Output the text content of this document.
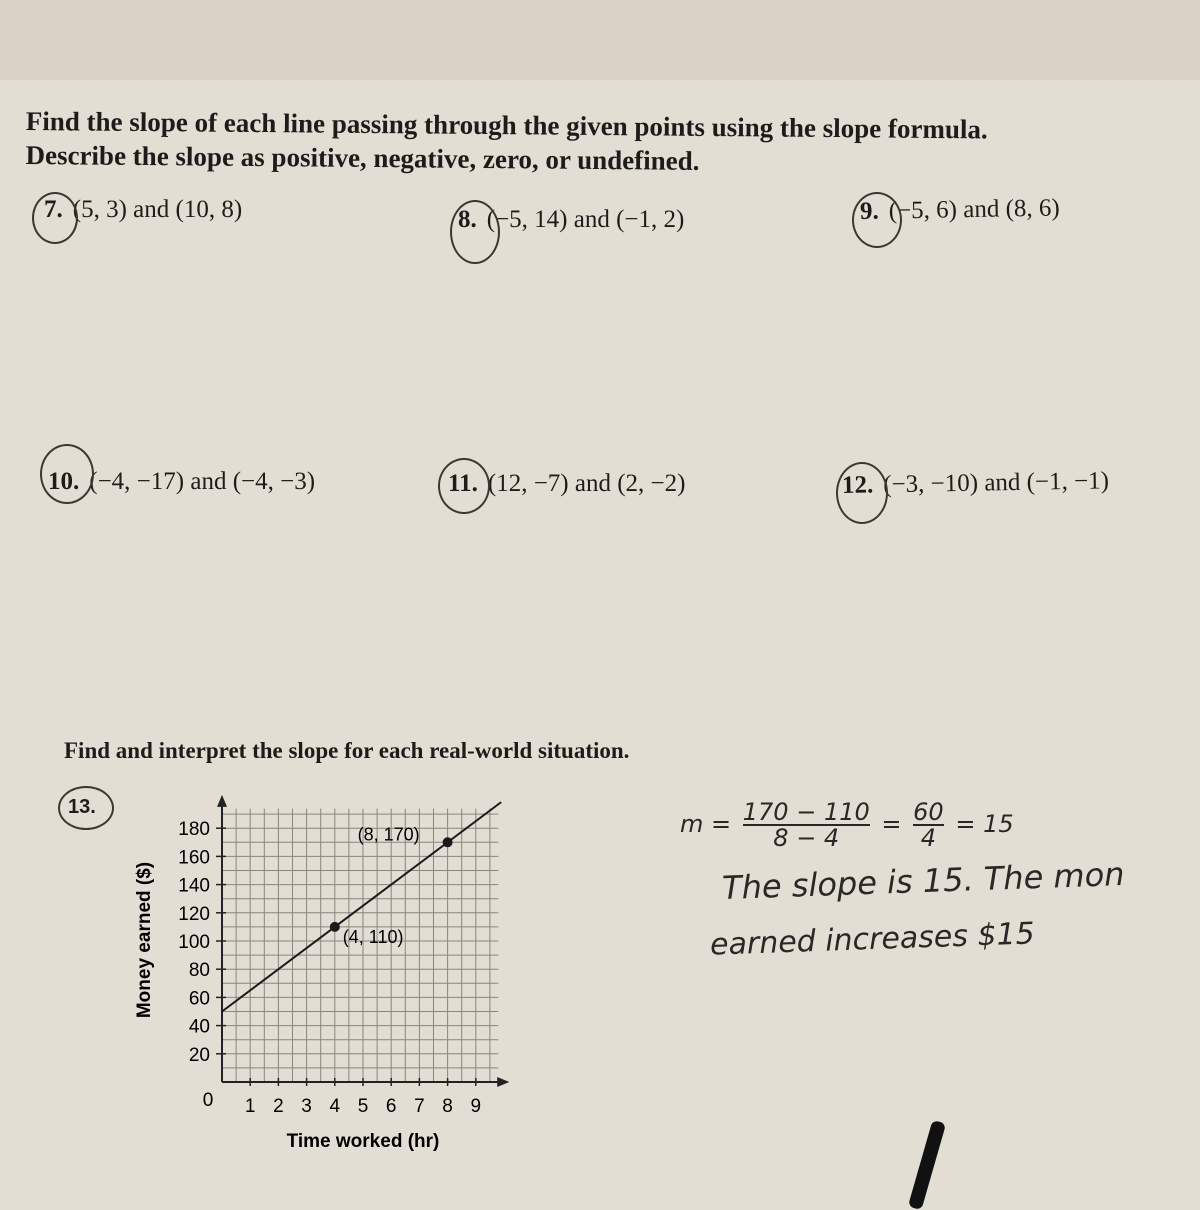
Find the slope of each line passing through the given points using the slope formula.
Describe the slope as positive, negative, zero, or undefined.
7. (5, 3) and (10, 8)	8. (−5, 14) and (−1, 2)	9. (−5, 6) and (8, 6)
10. (−4, −17) and (−4, −3)	11. (12, −7) and (2, −2)	12. (−3, −10) and (−1, −1)
Find and interpret the slope for each real-world situation.
13.
1 2 3 4 5 6 7 8 9
20
40
60
80
100
120
140
160
180
(4, 110)
(8, 170)
Time worked (hr)
Money earned ($)
0
$m = \frac{170 - 110}{8 - 4} = \frac{60}{4} = 15$
The slope is 15. The mon
earned increases $15
